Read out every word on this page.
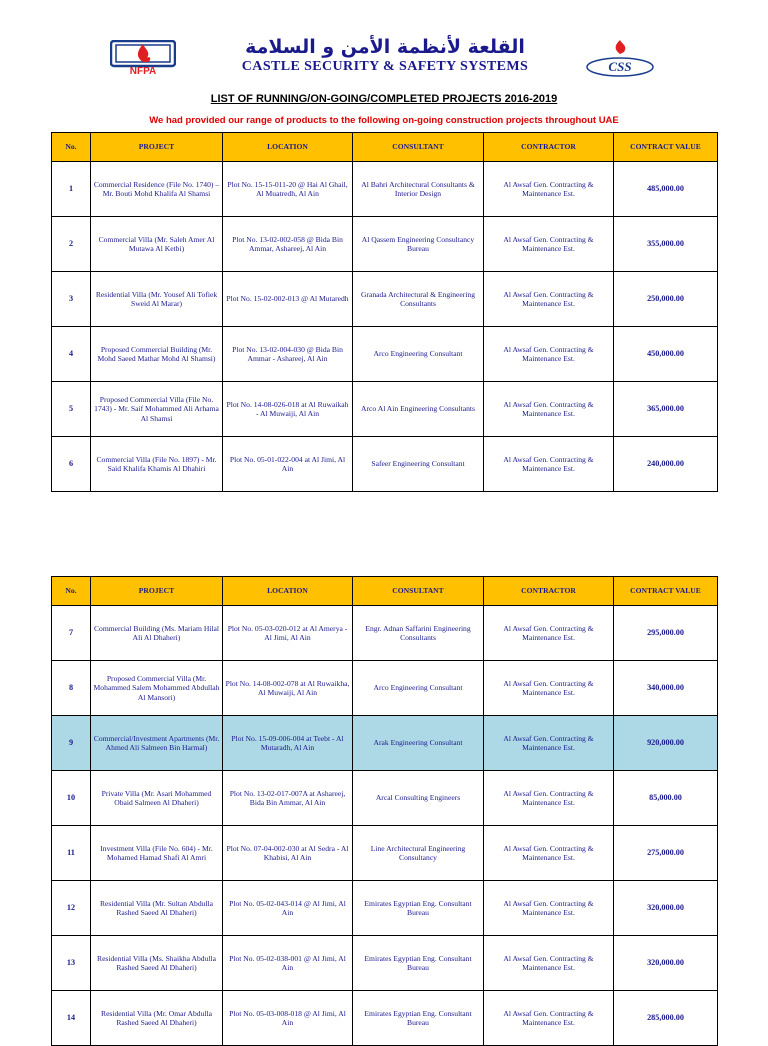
NFPA
القلعة لأنظمة الأمن و السلامة
CASTLE SECURITY & SAFETY SYSTEMS	CSS
LIST OF RUNNING/ON-GOING/COMPLETED PROJECTS 2016-2019
We had provided our range of products to the following on-going construction projects throughout UAE
No.	PROJECT	LOCATION	CONSULTANT	CONTRACTOR	CONTRACT VALUE
1	Commercial Residence (File No. 1740) – Mr. Bouti Mohd Khalifa Al Shamsi	Plot No. 15-15-011-20 @ Hai Al Ghail, Al Muatredh, Al Ain	Al Bahri Architectural Consultants & Interior Design	Al Awsaf Gen. Contracting & Maintenance Est.	485,000.00
2	Commercial Villa (Mr. Saleh Amer Al Mutawa Al Ketbi)	Plot No. 13-02-002-058 @ Bida Bin Ammar, Ashareej, Al Ain	Al Qassem Engineering Consultancy Bureau	Al Awsaf Gen. Contracting & Maintenance Est.	355,000.00
3	Residential Villa (Mr. Yousef Ali Tofiek Sweid Al Marar)	Plot No. 15-02-002-013 @ Al Mutaredh	Granada Architectural & Engineering Consultants	Al Awsaf Gen. Contracting & Maintenance Est.	250,000.00
4	Proposed Commercial Building (Mr. Mohd Saeed Mathar Mohd Al Shamsi)	Plot No. 13-02-004-030 @ Bida Bin Ammar - Ashareej, Al Ain	Arco Engineering Consultant	Al Awsaf Gen. Contracting & Maintenance Est.	450,000.00
5	Proposed Commercial Villa (File No. 1743) - Mr. Saif Mohammed Ali Arhama Al Shamsi	Plot No. 14-08-026-018 at Al Ruwaikah - Al Muwaiji, Al Ain	Arco Al Ain Engineering Consultants	Al Awsaf Gen. Contracting & Maintenance Est.	365,000.00
6	Commercial Villa (File No. 1897) - Mr. Said Khalifa Khamis Al Dhahiri	Plot No. 05-01-022-004 at Al Jimi, Al Ain	Safeer Engineering Consultant	Al Awsaf Gen. Contracting & Maintenance Est.	240,000.00
No.	PROJECT	LOCATION	CONSULTANT	CONTRACTOR	CONTRACT VALUE
7	Commercial Building (Ms. Mariam Hilal Ali Al Dhaheri)	Plot No. 05-03-020-012 at Al Amerya - Al Jimi, Al Ain	Engr. Adnan Saffarini Engineering Consultants	Al Awsaf Gen. Contracting & Maintenance Est.	295,000.00
8	Proposed Commercial Villa (Mr. Mohammed Salem Mohammed Abdullah Al Mansori)	Plot No. 14-08-002-078 at Al Ruwaikha, Al Muwaiji, Al Ain	Arco Engineering Consultant	Al Awsaf Gen. Contracting & Maintenance Est.	340,000.00
9	Commercial/Investment Apartments (Mr. Ahmed Ali Salmeen Bin Harmal)	Plot No. 15-09-006-004 at Teebt - Al Mutaradh, Al Ain	Arak Engineering Consultant	Al Awsaf Gen. Contracting & Maintenance Est.	920,000.00
10	Private Villa (Mr. Asari Mohammed Obaid Salmeen Al Dhaheri)	Plot No. 13-02-017-007A at Ashareej, Bida Bin Ammar, Al Ain	Arcal Consulting Engineers	Al Awsaf Gen. Contracting & Maintenance Est.	85,000.00
11	Investment Villa (File No. 604) - Mr. Mohamed Hamad Shafi Al Amri	Plot No. 07-04-002-030 at Al Sedra - Al Khabisi, Al Ain	Line Architectural Engineering Consultancy	Al Awsaf Gen. Contracting & Maintenance Est.	275,000.00
12	Residential Villa (Mr. Sultan Abdulla Rashed Saeed Al Dhaheri)	Plot No. 05-02-043-014 @ Al Jimi, Al Ain	Emirates Egyptian Eng. Consultant Bureau	Al Awsaf Gen. Contracting & Maintenance Est.	320,000.00
13	Residential Villa (Ms. Shaikha Abdulla Rashed Saeed Al Dhaheri)	Plot No. 05-02-038-001 @ Al Jimi, Al Ain	Emirates Egyptian Eng. Consultant Bureau	Al Awsaf Gen. Contracting & Maintenance Est.	320,000.00
14	Residential Villa (Mr. Omar Abdulla Rashed Saeed Al Dhaheri)	Plot No. 05-03-008-018 @ Al Jimi, Al Ain	Emirates Egyptian Eng. Consultant Bureau	Al Awsaf Gen. Contracting & Maintenance Est.	285,000.00
